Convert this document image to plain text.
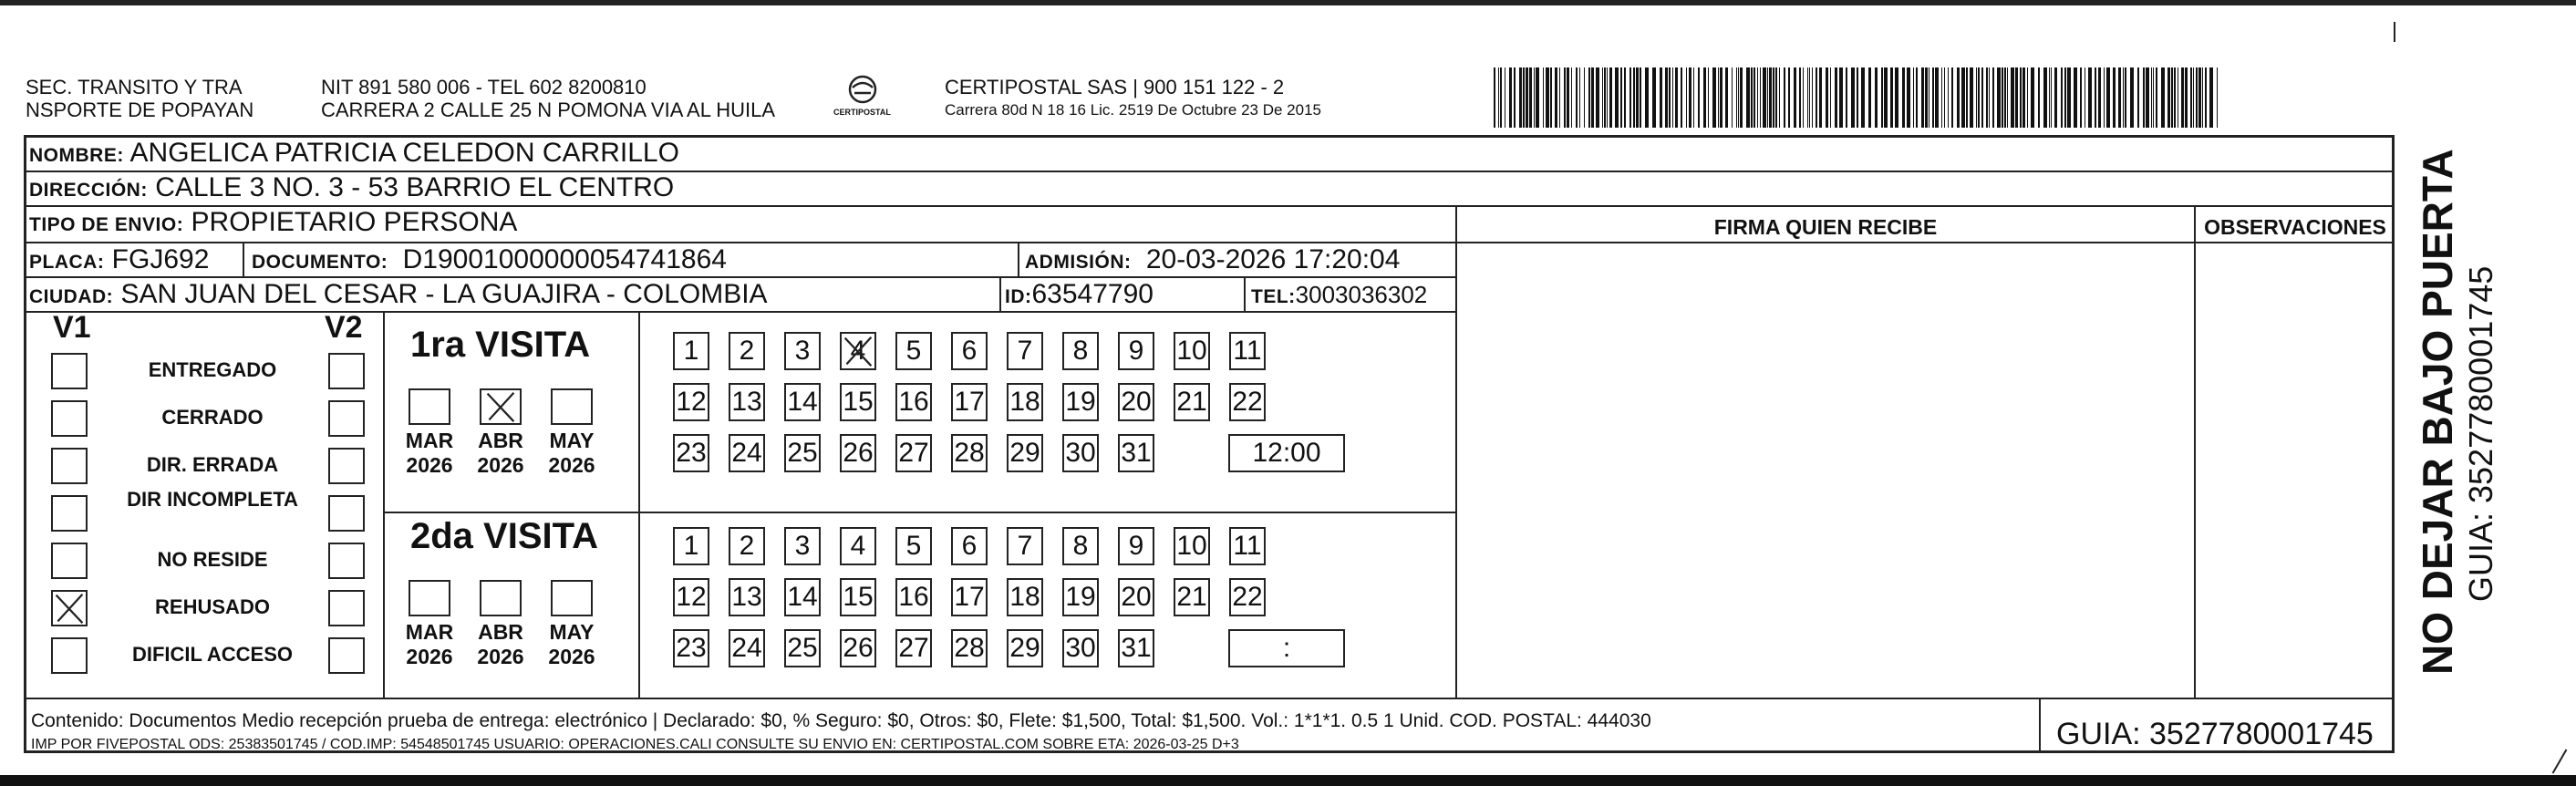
SEC. TRANSITO Y TRA
NSPORTE DE POPAYAN
NIT 891 580 006 - TEL 602 8200810
CARRERA 2 CALLE 25 N POMONA VIA AL HUILA	CERTIPOSTAL
CERTIPOSTAL SAS | 900 151 122 - 2
Carrera 80d N 18 16 Lic. 2519 De Octubre 23 De 2015
NOMBRE: ANGELICA PATRICIA CELEDON CARRILLO
DIRECCIÓN: CALLE 3 NO. 3 - 53 BARRIO EL CENTRO
TIPO DE ENVIO: PROPIETARIO PERSONA
PLACA: FGJ692 DOCUMENTO: D19001000000054741864	ADMISIÓN: 20-03-2026 17:20:04
CIUDAD: SAN JUAN DEL CESAR - LA GUAJIRA - COLOMBIA	ID:63547790	TEL:3003036302
FIRMA QUIEN RECIBE	OBSERVACIONES
V1	V2
ENTREGADO
CERRADO
DIR. ERRADA
DIR INCOMPLETA
NO RESIDE
REHUSADO
DIFICIL ACCESO
1ra VISITA
MAR
2026
ABR
2026
MAY
2026
1	2	3	4	5	6	7	8	9	10 11
12 13 14 15 16 17 18 19 20 21 22
23 24 25 26 27 28 29 30 31	12:00
2da VISITA
MAR
2026
ABR
2026
MAY
2026
1	2	3	4	5	6	7	8	9	10 11
12 13 14 15 16 17 18 19 20 21 22
23 24 25 26 27 28 29 30 31	:
Contenido: Documentos Medio recepción prueba de entrega: electrónico | Declarado: $0, % Seguro: $0, Otros: $0, Flete: $1,500, Total: $1,500. Vol.: 1*1*1. 0.5 1 Unid. COD. POSTAL: 444030
IMP POR FIVEPOSTAL ODS: 25383501745 / COD.IMP: 54548501745 USUARIO: OPERACIONES.CALI CONSULTE SU ENVIO EN: CERTIPOSTAL.COM SOBRE ETA: 2026-03-25 D+3	GUIA: 3527780001745
NO DEJAR BAJO PUERTA GUIA: 3527780001745
